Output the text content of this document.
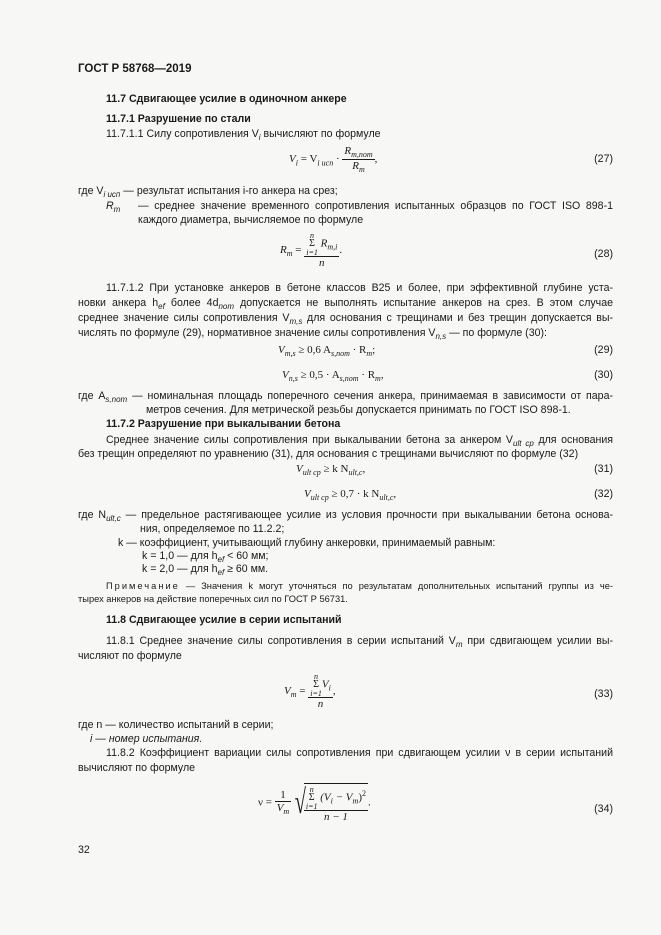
ГОСТ Р 58768—2019
11.7 Сдвигающее усилие в одиночном анкере
11.7.1 Разрушение по стали
11.7.1.1 Силу сопротивления $V_i$ вычисляют по формуле
$V_i = V_{i исп} \cdot \frac{R_{m,nom}}{R_m}$ ,	(27)
где $V_{i исп}$ — результат испытания i-го анкера на срез;
$R_m$ — среднее значение временного сопротивления испытанных образцов по ГОСТ ISO 898-1
каждого диаметра, вычисляемое по формуле
$R_m = n$
Σ
i=1
$R_{m,i}$
n .	(28)
11.7.1.2 При установке анкеров в бетоне классов В25 и более, при эффективной глубине уста-
новки анкера $h_{ef}$ более $4d_{nom}$ допускается не выполнять испытание анкеров на срез. В этом случае
среднее значение силы сопротивления $V_{m,s}$ для основания с трещинами и без трещин допускается вы-
числять по формуле (29), нормативное значение силы сопротивления $V_{n,s}$ — по формуле (30):
$V_{m,s} \ge 0,6$ $A_{s,nom} \cdot R_m$;	(29)
$V_{n,s} \ge 0,5 \cdot A_{s,nom} \cdot R_m$,	(30)
где $A_{s,nom}$ — номинальная площадь поперечного сечения анкера, принимаемая в зависимости от пара-
метров сечения. Для метрической резьбы допускается принимать по ГОСТ ISO 898-1.
11.7.2 Разрушение при выкалывании бетона
Среднее значение силы сопротивления при выкалывании бетона за анкером $V_{ult ср}$ для основания
без трещин определяют по уравнению (31), для основания с трещинами вычисляют по формуле (32)
$V_{ult ср} \ge k$ $N_{ult,c}$,	(31)
$V_{ult ср} \ge 0,7 \cdot k$ $N_{ult,c}$,	(32)
где $N_{ult,c}$ — предельное растягивающее усилие из условия прочности при выкалывании бетона основа-
ния, определяемое по 11.2.2;
k — коэффициент, учитывающий глубину анкеровки, принимаемый равным:
k = 1,0 — для $h_{ef} < 60$ мм;
k = 2,0 — для $h_{ef} \ge 60$ мм.
Примечание — Значения k могут уточняться по результатам дополнительных испытаний группы из че-
тырех анкеров на действие поперечных сил по ГОСТ Р 56731.
11.8 Сдвигающее усилие в серии испытаний
11.8.1 Среднее значение силы сопротивления в серии испытаний $V_m$ при сдвигающем усилии вы-
числяют по формуле
$V_m = n$
Σ
i=1
$V_i$
n ,	(33)
где n — количество испытаний в серии;
i — номер испытания.
11.8.2 Коэффициент вариации силы сопротивления при сдвигающем усилии ν в серии испытаний
вычисляют по формуле
$\nu = \frac{1}{V_m}$ √
n
Σ
i=1
$(V_i - V_m)^2$
n − 1 .
(34)
32
